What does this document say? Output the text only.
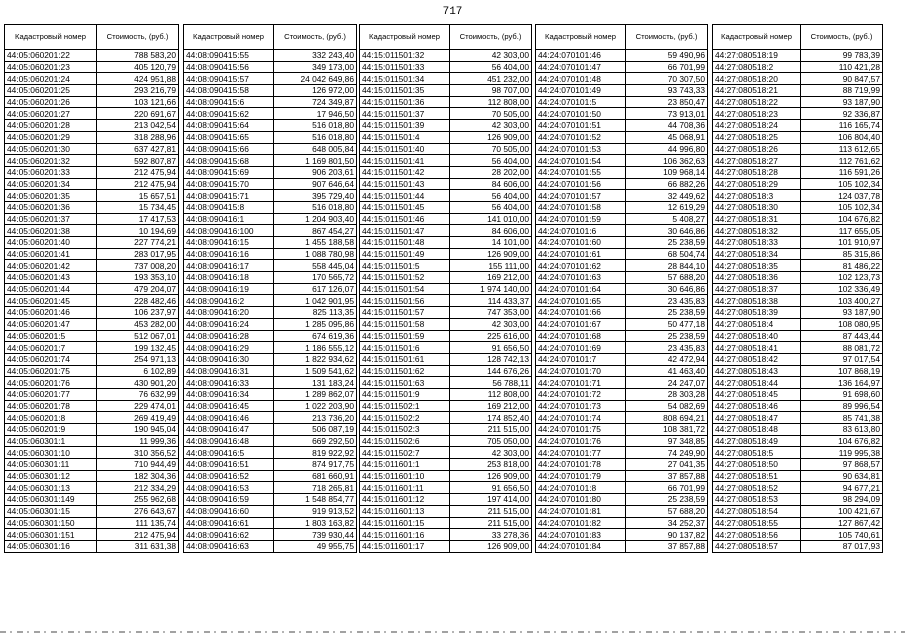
717
Кадастровый номер	Стоимость, (руб.)
44:05:060201:22	788 583,20
44:05:060201:23	405 120,79
44:05:060201:24	424 951,88
44:05:060201:25	293 216,79
44:05:060201:26	103 121,66
44:05:060201:27	220 691,67
44:05:060201:28	213 042,54
44:05:060201:29	318 288,96
44:05:060201:30	637 427,81
44:05:060201:32	592 807,87
44:05:060201:33	212 475,94
44:05:060201:34	212 475,94
44:05:060201:35	15 657,51
44:05:060201:36	15 734,45
44:05:060201:37	17 417,53
44:05:060201:38	10 194,69
44:05:060201:40	227 774,21
44:05:060201:41	283 017,95
44:05:060201:42	737 008,20
44:05:060201:43	193 353,10
44:05:060201:44	479 204,07
44:05:060201:45	228 482,46
44:05:060201:46	106 237,97
44:05:060201:47	453 282,00
44:05:060201:5	512 067,01
44:05:060201:7	199 132,45
44:05:060201:74	254 971,13
44:05:060201:75	6 102,89
44:05:060201:76	430 901,20
44:05:060201:77	76 632,99
44:05:060201:78	229 474,01
44:05:060201:8	269 419,49
44:05:060201:9	190 945,04
44:05:060301:1	11 999,36
44:05:060301:10	310 356,52
44:05:060301:11	710 944,49
44:05:060301:12	182 304,36
44:05:060301:13	212 334,29
44:05:060301:149	255 962,68
44:05:060301:15	276 643,67
44:05:060301:150	111 135,74
44:05:060301:151	212 475,94
44:05:060301:16	311 631,38
Кадастровый номер	Стоимость, (руб.)
44:08:090415:55	332 243,40
44:08:090415:56	349 173,00
44:08:090415:57	24 042 649,86
44:08:090415:58	126 972,00
44:08:090415:6	724 349,87
44:08:090415:62	17 946,50
44:08:090415:64	516 018,80
44:08:090415:65	516 018,80
44:08:090415:66	648 005,84
44:08:090415:68	1 169 801,50
44:08:090415:69	906 203,61
44:08:090415:70	907 646,64
44:08:090415:71	395 729,40
44:08:090415:8	516 018,80
44:08:090416:1	1 204 903,40
44:08:090416:100	867 454,27
44:08:090416:15	1 455 188,58
44:08:090416:16	1 088 780,98
44:08:090416:17	558 445,04
44:08:090416:18	170 565,72
44:08:090416:19	617 126,07
44:08:090416:2	1 042 901,95
44:08:090416:20	825 113,35
44:08:090416:24	1 285 095,86
44:08:090416:28	674 619,36
44:08:090416:29	1 186 555,12
44:08:090416:30	1 822 934,62
44:08:090416:31	1 509 541,62
44:08:090416:33	131 183,24
44:08:090416:34	1 289 862,07
44:08:090416:45	1 022 203,90
44:08:090416:46	213 736,20
44:08:090416:47	506 087,19
44:08:090416:48	669 292,50
44:08:090416:5	819 922,92
44:08:090416:51	874 917,75
44:08:090416:52	681 660,91
44:08:090416:53	718 265,81
44:08:090416:59	1 548 854,77
44:08:090416:60	919 913,52
44:08:090416:61	1 803 163,82
44:08:090416:62	739 930,44
44:08:090416:63	49 955,75
Кадастровый номер	Стоимость, (руб.)
44:15:011501:32	42 303,00
44:15:011501:33	56 404,00
44:15:011501:34	451 232,00
44:15:011501:35	98 707,00
44:15:011501:36	112 808,00
44:15:011501:37	70 505,00
44:15:011501:39	42 303,00
44:15:011501:4	126 909,00
44:15:011501:40	70 505,00
44:15:011501:41	56 404,00
44:15:011501:42	28 202,00
44:15:011501:43	84 606,00
44:15:011501:44	56 404,00
44:15:011501:45	56 404,00
44:15:011501:46	141 010,00
44:15:011501:47	84 606,00
44:15:011501:48	14 101,00
44:15:011501:49	126 909,00
44:15:011501:5	155 111,00
44:15:011501:52	169 212,00
44:15:011501:54	1 974 140,00
44:15:011501:56	114 433,37
44:15:011501:57	747 353,00
44:15:011501:58	42 303,00
44:15:011501:59	225 616,00
44:15:011501:6	91 656,50
44:15:011501:61	128 742,13
44:15:011501:62	144 676,26
44:15:011501:63	56 788,11
44:15:011501:9	112 808,00
44:15:011502:1	169 212,00
44:15:011502:2	174 852,40
44:15:011502:3	211 515,00
44:15:011502:6	705 050,00
44:15:011502:7	42 303,00
44:15:011601:1	253 818,00
44:15:011601:10	126 909,00
44:15:011601:11	91 656,50
44:15:011601:12	197 414,00
44:15:011601:13	211 515,00
44:15:011601:15	211 515,00
44:15:011601:16	33 278,36
44:15:011601:17	126 909,00
Кадастровый номер	Стоимость, (руб.)
44:24:070101:46	59 490,96
44:24:070101:47	66 701,99
44:24:070101:48	70 307,50
44:24:070101:49	93 743,33
44:24:070101:5	23 850,47
44:24:070101:50	73 913,01
44:24:070101:51	44 708,36
44:24:070101:52	45 068,91
44:24:070101:53	44 996,80
44:24:070101:54	106 362,63
44:24:070101:55	109 968,14
44:24:070101:56	66 882,26
44:24:070101:57	32 449,62
44:24:070101:58	12 619,29
44:24:070101:59	5 408,27
44:24:070101:6	30 646,86
44:24:070101:60	25 238,59
44:24:070101:61	68 504,74
44:24:070101:62	28 844,10
44:24:070101:63	57 688,20
44:24:070101:64	30 646,86
44:24:070101:65	23 435,83
44:24:070101:66	25 238,59
44:24:070101:67	50 477,18
44:24:070101:68	25 238,59
44:24:070101:69	23 435,83
44:24:070101:7	42 472,94
44:24:070101:70	41 463,40
44:24:070101:71	24 247,07
44:24:070101:72	28 303,28
44:24:070101:73	54 082,69
44:24:070101:74	808 694,21
44:24:070101:75	108 381,72
44:24:070101:76	97 348,85
44:24:070101:77	74 249,90
44:24:070101:78	27 041,35
44:24:070101:79	37 857,88
44:24:070101:8	66 701,99
44:24:070101:80	25 238,59
44:24:070101:81	57 688,20
44:24:070101:82	34 252,37
44:24:070101:83	90 137,82
44:24:070101:84	37 857,88
Кадастровый номер	Стоимость, (руб.)
44:27:080518:19	99 783,39
44:27:080518:2	110 421,28
44:27:080518:20	90 847,57
44:27:080518:21	88 719,99
44:27:080518:22	93 187,90
44:27:080518:23	92 336,87
44:27:080518:24	116 165,74
44:27:080518:25	106 804,40
44:27:080518:26	113 612,65
44:27:080518:27	112 761,62
44:27:080518:28	116 591,26
44:27:080518:29	105 102,34
44:27:080518:3	124 037,78
44:27:080518:30	105 102,34
44:27:080518:31	104 676,82
44:27:080518:32	117 655,05
44:27:080518:33	101 910,97
44:27:080518:34	85 315,86
44:27:080518:35	81 486,22
44:27:080518:36	102 123,73
44:27:080518:37	102 336,49
44:27:080518:38	103 400,27
44:27:080518:39	93 187,90
44:27:080518:4	108 080,95
44:27:080518:40	87 443,44
44:27:080518:41	88 081,72
44:27:080518:42	97 017,54
44:27:080518:43	107 868,19
44:27:080518:44	136 164,97
44:27:080518:45	91 698,60
44:27:080518:46	89 996,54
44:27:080518:47	85 741,38
44:27:080518:48	83 613,80
44:27:080518:49	104 676,82
44:27:080518:5	119 995,38
44:27:080518:50	97 868,57
44:27:080518:51	90 634,81
44:27:080518:52	94 677,21
44:27:080518:53	98 294,09
44:27:080518:54	100 421,67
44:27:080518:55	127 867,42
44:27:080518:56	105 740,61
44:27:080518:57	87 017,93
